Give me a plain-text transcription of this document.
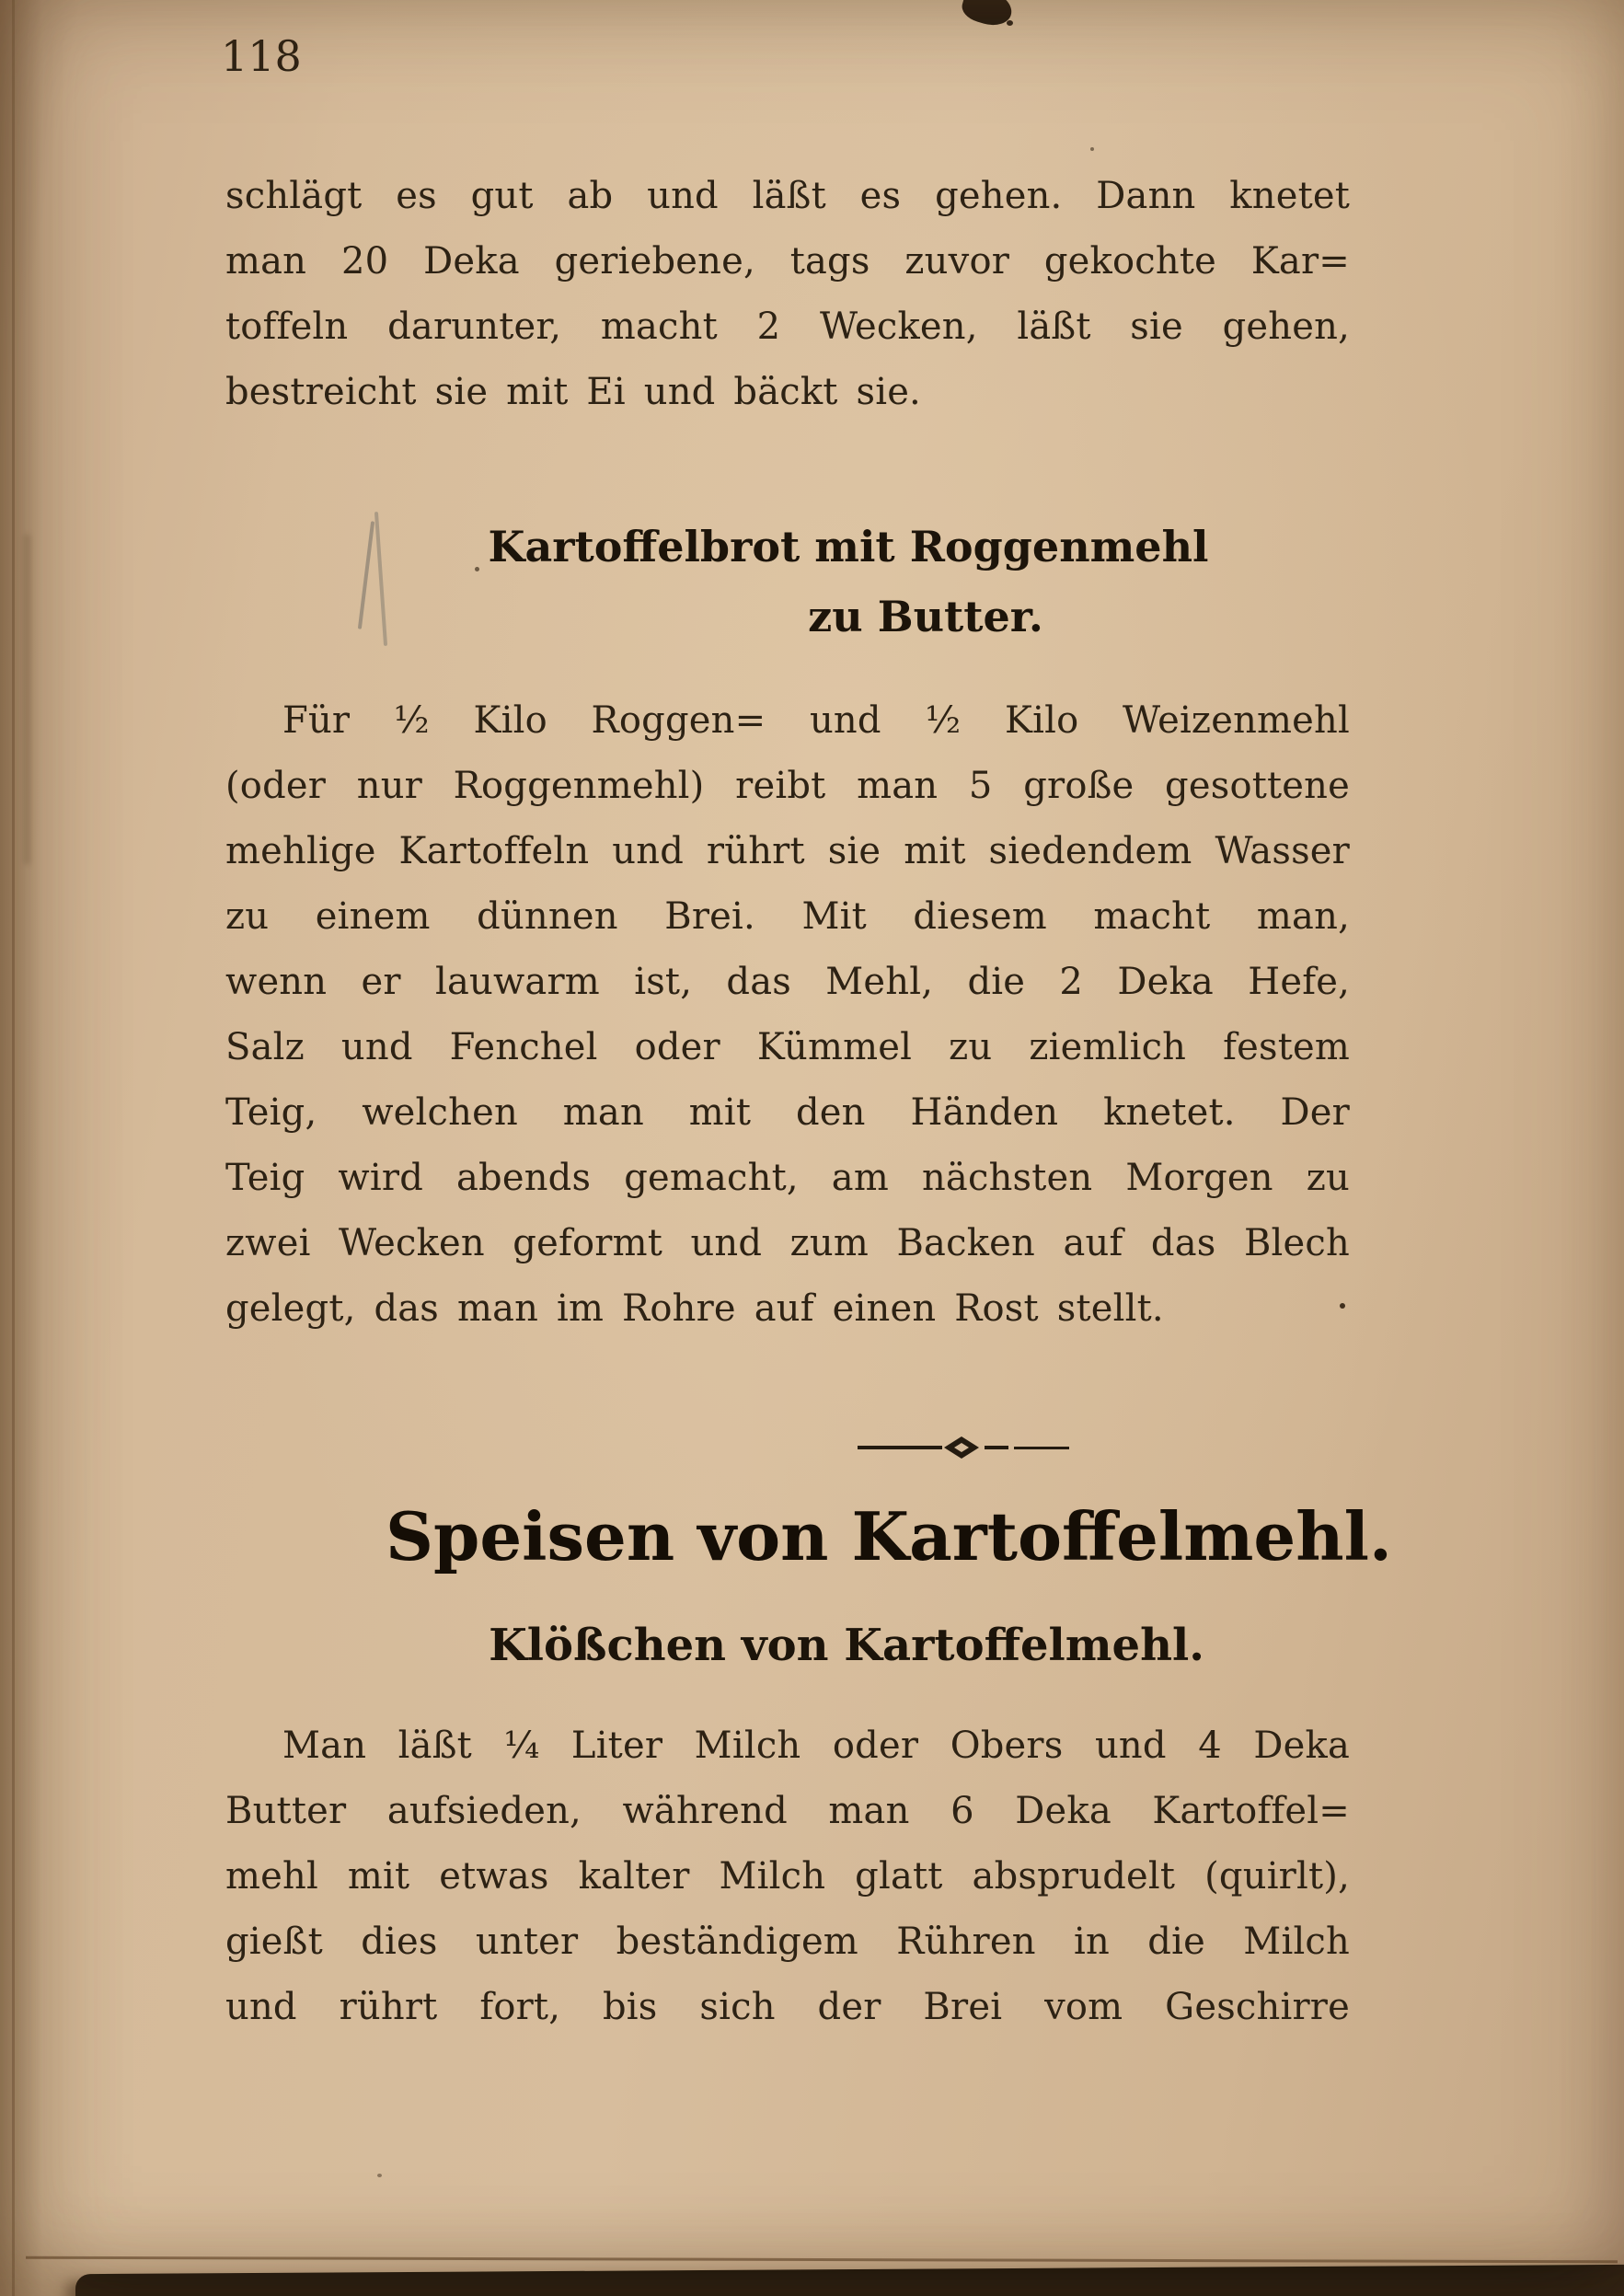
118
schlägt es gut ab und läßt es gehen. Dann knetet
man 20 Deka geriebene, tags zuvor gekochte Kar=
toffeln darunter, macht 2 Wecken, läßt sie gehen,
bestreicht sie mit Ei und bäckt sie.
Kartoffelbrot mit Roggenmehl
zu Butter.
Für ½ Kilo Roggen= und ½ Kilo Weizenmehl
(oder nur Roggenmehl) reibt man 5 große gesottene
mehlige Kartoffeln und rührt sie mit siedendem Wasser
zu einem dünnen Brei. Mit diesem macht man,
wenn er lauwarm ist, das Mehl, die 2 Deka Hefe,
Salz und Fenchel oder Kümmel zu ziemlich festem
Teig, welchen man mit den Händen knetet. Der
Teig wird abends gemacht, am nächsten Morgen zu
zwei Wecken geformt und zum Backen auf das Blech
gelegt, das man im Rohre auf einen Rost stellt.
Speisen von Kartoffelmehl.
Klößchen von Kartoffelmehl.
Man läßt ¼ Liter Milch oder Obers und 4 Deka
Butter aufsieden, während man 6 Deka Kartoffel=
mehl mit etwas kalter Milch glatt absprudelt (quirlt),
gießt dies unter beständigem Rühren in die Milch
und rührt fort, bis sich der Brei vom Geschirre
